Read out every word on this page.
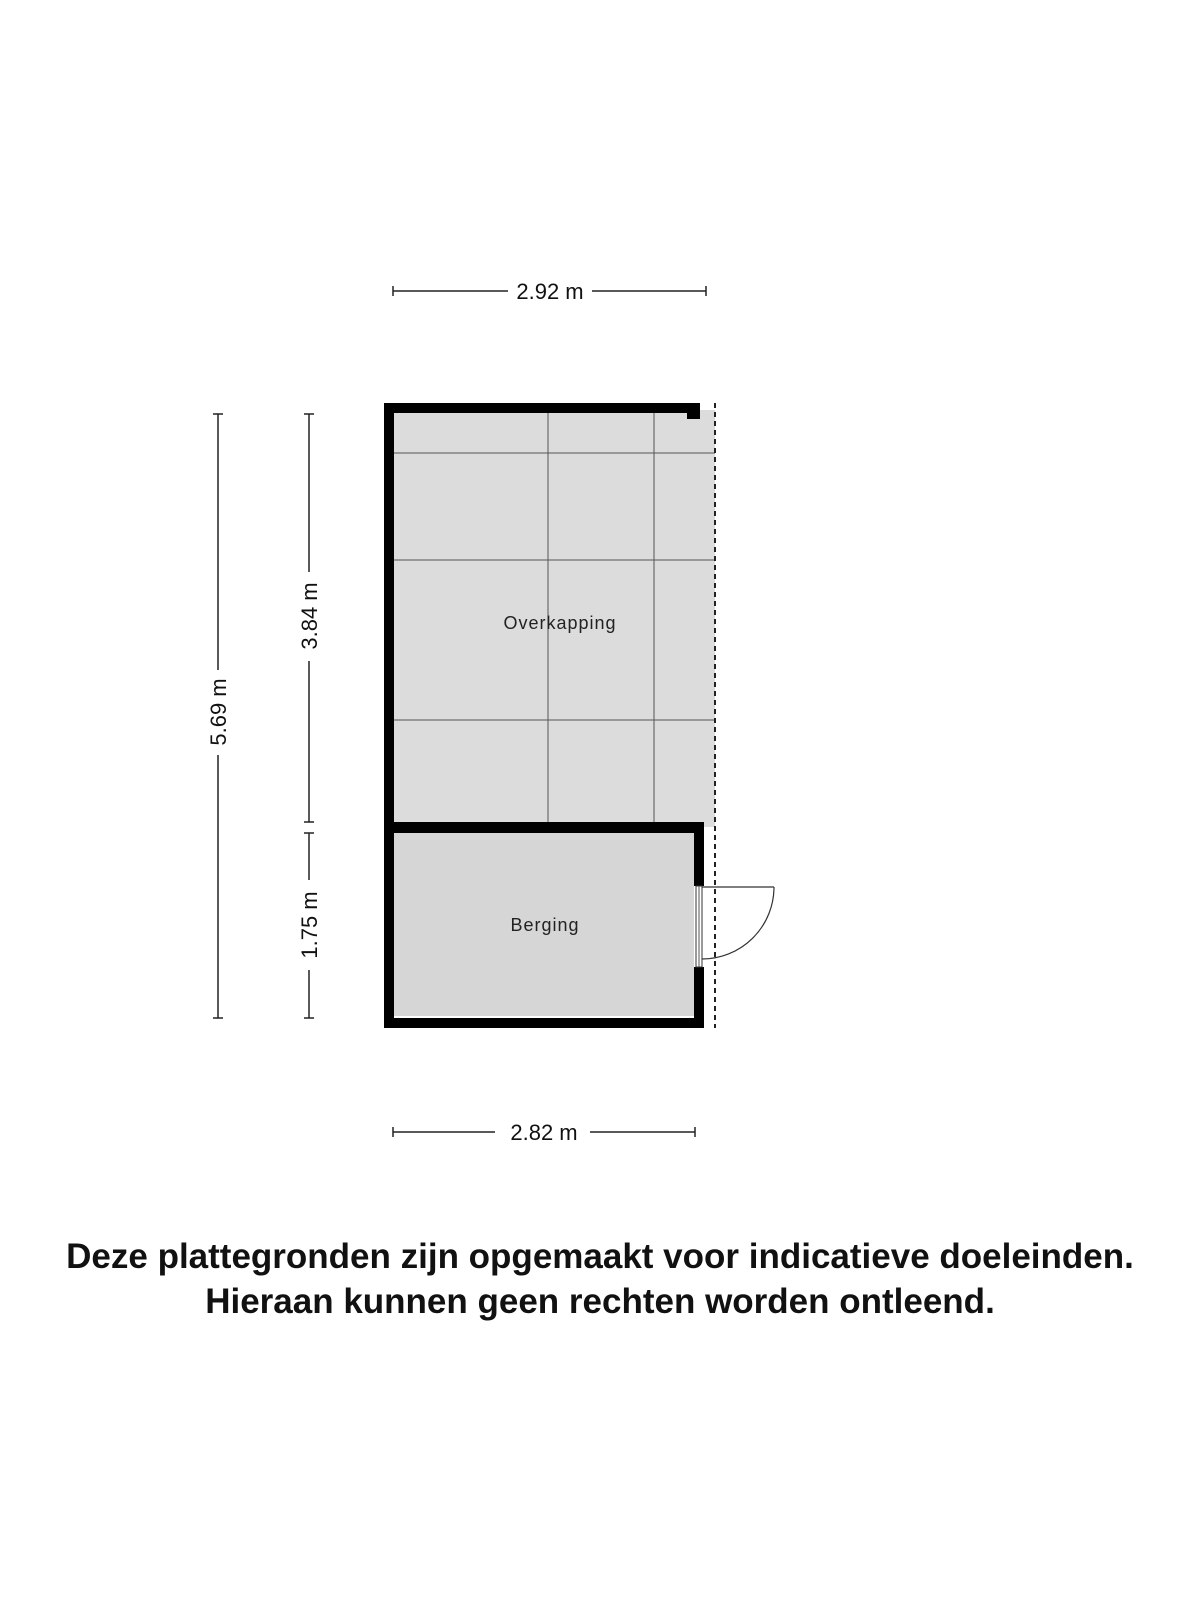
2.92 m
5.69 m
3.84 m
1.75 m
Overkapping
Berging
2.82 m
Deze plattegronden zijn opgemaakt voor indicatieve doeleinden.
Hieraan kunnen geen rechten worden ontleend.
